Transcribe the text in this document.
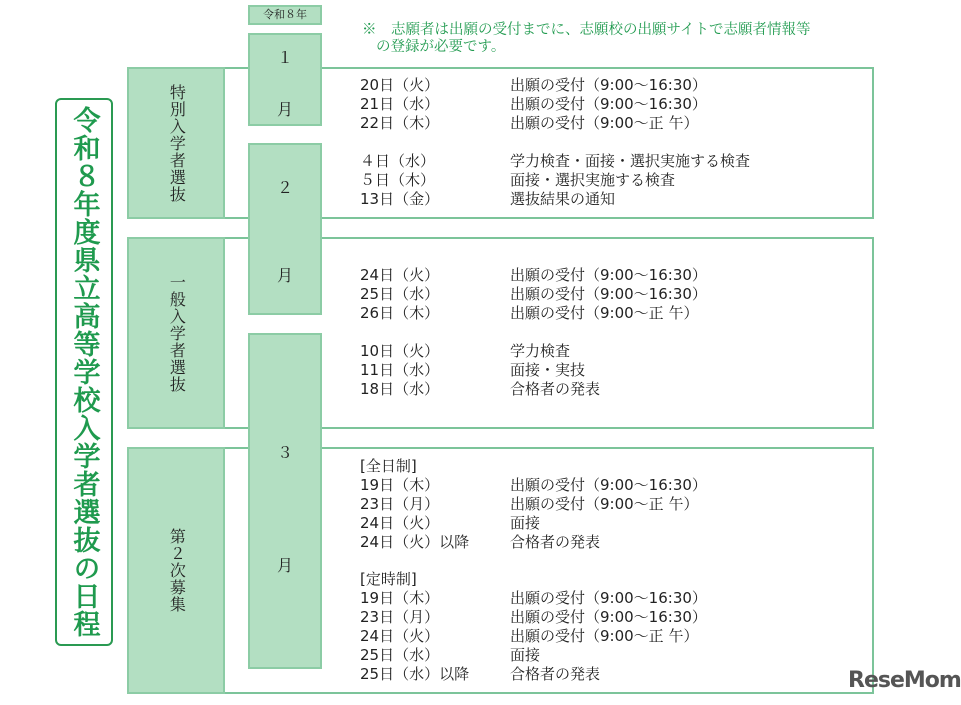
令和８年度県立高等学校入学者選抜の日程
令和８年
※　志願者は出願の受付までに、志願校の出願サイトで志願者情報等
の登録が必要です。
特別入学者選抜
一般入学者選抜
第２次募集
１
月
２
月
３
月
20日（火）	出願の受付（9:00〜16:30）
21日（水）	出願の受付（9:00〜16:30）
22日（木）	出願の受付（9:00〜正 午）
４日（水）	学力検査・面接・選択実施する検査
５日（木）	面接・選択実施する検査
13日（金）	選抜結果の通知
24日（火）	出願の受付（9:00〜16:30）
25日（水）	出願の受付（9:00〜16:30）
26日（木）	出願の受付（9:00〜正 午）
10日（火）	学力検査
11日（水）	面接・実技
18日（水）	合格者の発表
[全日制]
19日（木）	出願の受付（9:00〜16:30）
23日（月）	出願の受付（9:00〜正 午）
24日（火）	面接
24日（火）以降	合格者の発表
[定時制]
19日（木）	出願の受付（9:00〜16:30）
23日（月）	出願の受付（9:00〜16:30）
24日（火）	出願の受付（9:00〜正 午）
25日（水）	面接
25日（水）以降	合格者の発表	ReseMom
